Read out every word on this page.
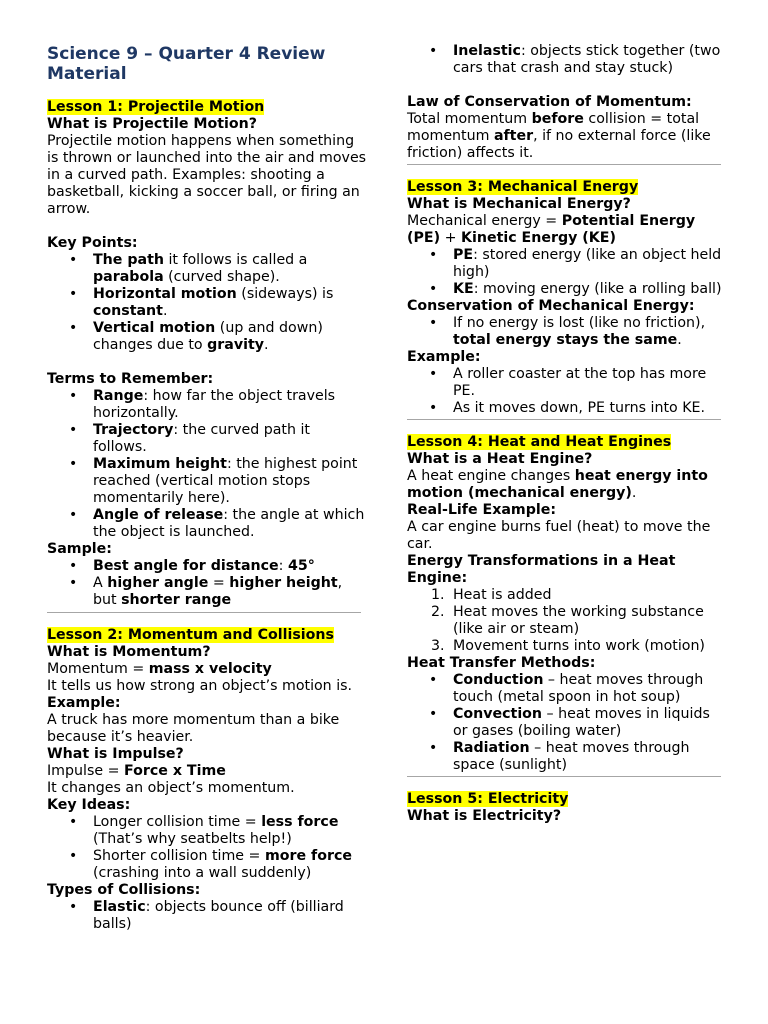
Science 9 – Quarter 4 Review Material

Lesson 1: Projectile Motion

What is Projectile Motion?

Projectile motion happens when something is thrown or launched into the air and moves in a curved path. Examples: shooting a basketball, kicking a soccer ball, or firing an arrow.

Key Points:

• The path it follows is called a parabola (curved shape).
• Horizontal motion (sideways) is constant.
• Vertical motion (up and down) changes due to gravity.

Terms to Remember:

• Range: how far the object travels horizontally.
• Trajectory: the curved path it follows.
• Maximum height: the highest point reached (vertical motion stops momentarily here).
• Angle of release: the angle at which the object is launched.

Sample:

• Best angle for distance: 45°
• A higher angle = higher height, but shorter range

Lesson 2: Momentum and Collisions

What is Momentum?

Momentum = mass x velocity

It tells us how strong an object’s motion is.

Example:

A truck has more momentum than a bike because it’s heavier.

What is Impulse?

Impulse = Force x Time

It changes an object’s momentum.

Key Ideas:

• Longer collision time = less force (That’s why seatbelts help!)
• Shorter collision time = more force (crashing into a wall suddenly)

Types of Collisions:

• Elastic: objects bounce off (billiard balls)
• Inelastic: objects stick together (two cars that crash and stay stuck)

Law of Conservation of Momentum:

Total momentum before collision = total momentum after, if no external force (like friction) affects it.

Lesson 3: Mechanical Energy

What is Mechanical Energy?

Mechanical energy = Potential Energy (PE) + Kinetic Energy (KE)

• PE: stored energy (like an object held high)
• KE: moving energy (like a rolling ball)

Conservation of Mechanical Energy:

• If no energy is lost (like no friction), total energy stays the same.

Example:

• A roller coaster at the top has more PE.
• As it moves down, PE turns into KE.

Lesson 4: Heat and Heat Engines

What is a Heat Engine?

A heat engine changes heat energy into motion (mechanical energy).

Real-Life Example:

A car engine burns fuel (heat) to move the car.

Energy Transformations in a Heat Engine:

Heat is added
Heat moves the working substance (like air or steam)
Movement turns into work (motion)

Heat Transfer Methods:

• Conduction – heat moves through touch (metal spoon in hot soup)
• Convection – heat moves in liquids or gases (boiling water)
• Radiation – heat moves through space (sunlight)

Lesson 5: Electricity

What is Electricity?
